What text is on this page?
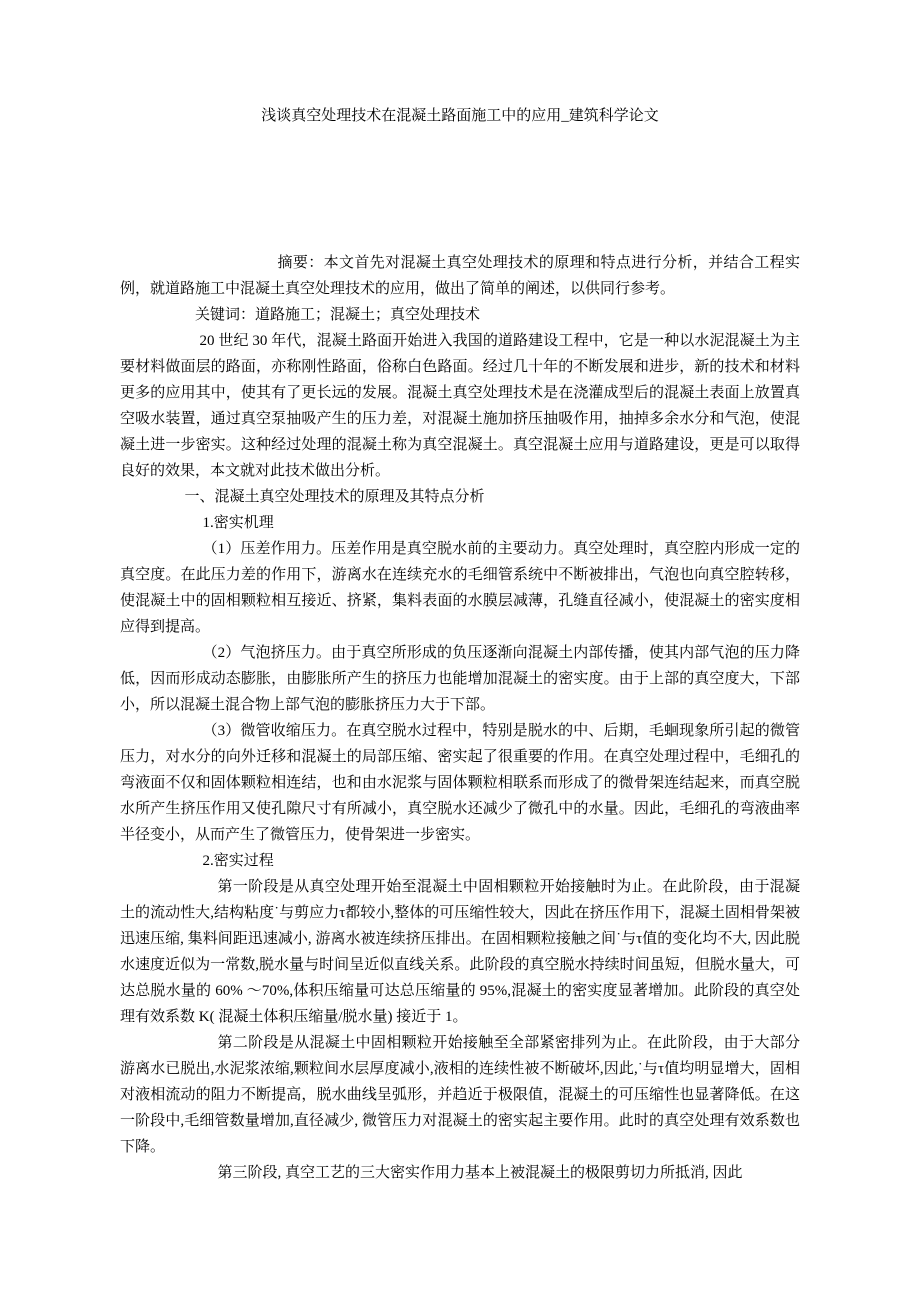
浅谈真空处理技术在混凝土路面施工中的应用_建筑科学论文

摘要：本文首先对混凝土真空处理技术的原理和特点进行分析，并结合工程实例，就道路施工中混凝土真空处理技术的应用，做出了简单的阐述，以供同行参考。

关键词：道路施工；混凝土；真空处理技术

20 世纪 30 年代，混凝土路面开始进入我国的道路建设工程中，它是一种以水泥混凝土为主要材料做面层的路面，亦称刚性路面，俗称白色路面。经过几十年的不断发展和进步，新的技术和材料更多的应用其中，使其有了更长远的发展。混凝土真空处理技术是在浇灌成型后的混凝土表面上放置真空吸水装置，通过真空泵抽吸产生的压力差，对混凝土施加挤压抽吸作用，抽掉多余水分和气泡，使混凝土进一步密实。这种经过处理的混凝土称为真空混凝土。真空混凝土应用与道路建设，更是可以取得良好的效果，本文就对此技术做出分析。

一、混凝土真空处理技术的原理及其特点分析

1.密实机理

（1）压差作用力。压差作用是真空脱水前的主要动力。真空处理时，真空腔内形成一定的真空度。在此压力差的作用下，游离水在连续充水的毛细管系统中不断被排出，气泡也向真空腔转移，使混凝土中的固相颗粒相互接近、挤紧，集料表面的水膜层减薄，孔缝直径减小，使混凝土的密实度相应得到提高。

（2）气泡挤压力。由于真空所形成的负压逐渐向混凝土内部传播，使其内部气泡的压力降低，因而形成动态膨胀，由膨胀所产生的挤压力也能增加混凝土的密实度。由于上部的真空度大，下部小，所以混凝土混合物上部气泡的膨胀挤压力大于下部。

（3）微管收缩压力。在真空脱水过程中，特别是脱水的中、后期，毛蛔现象所引起的微管压力，对水分的向外迁移和混凝土的局部压缩、密实起了很重要的作用。在真空处理过程中，毛细孔的弯液面不仅和固体颗粒相连结，也和由水泥浆与固体颗粒相联系而形成了的微骨架连结起来，而真空脱水所产生挤压作用又使孔隙尺寸有所减小，真空脱水还减少了微孔中的水量。因此，毛细孔的弯液曲率半径变小，从而产生了微管压力，使骨架进一步密实。

2.密实过程

第一阶段是从真空处理开始至混凝土中固相颗粒开始接触时为止。在此阶段，由于混凝土的流动性大,结构粘度˙与剪应力τ都较小,整体的可压缩性较大，因此在挤压作用下，混凝土固相骨架被迅速压缩, 集料间距迅速减小, 游离水被连续挤压排出。在固相颗粒接触之间˙与τ值的变化均不大, 因此脱水速度近似为一常数,脱水量与时间呈近似直线关系。此阶段的真空脱水持续时间虽短，但脱水量大，可达总脱水量的 60% ～70%,体积压缩量可达总压缩量的 95%,混凝土的密实度显著增加。此阶段的真空处理有效系数 K( 混凝土体积压缩量/脱水量) 接近于 1。

第二阶段是从混凝土中固相颗粒开始接触至全部紧密排列为止。在此阶段，由于大部分游离水已脱出,水泥浆浓缩,颗粒间水层厚度减小,液相的连续性被不断破坏,因此,˙与τ值均明显增大，固相对液相流动的阻力不断提高，脱水曲线呈弧形，并趋近于极限值，混凝土的可压缩性也显著降低。在这一阶段中,毛细管数量增加,直径减少, 微管压力对混凝土的密实起主要作用。此时的真空处理有效系数也下降。

第三阶段, 真空工艺的三大密实作用力基本上被混凝土的极限剪切力所抵消, 因此
